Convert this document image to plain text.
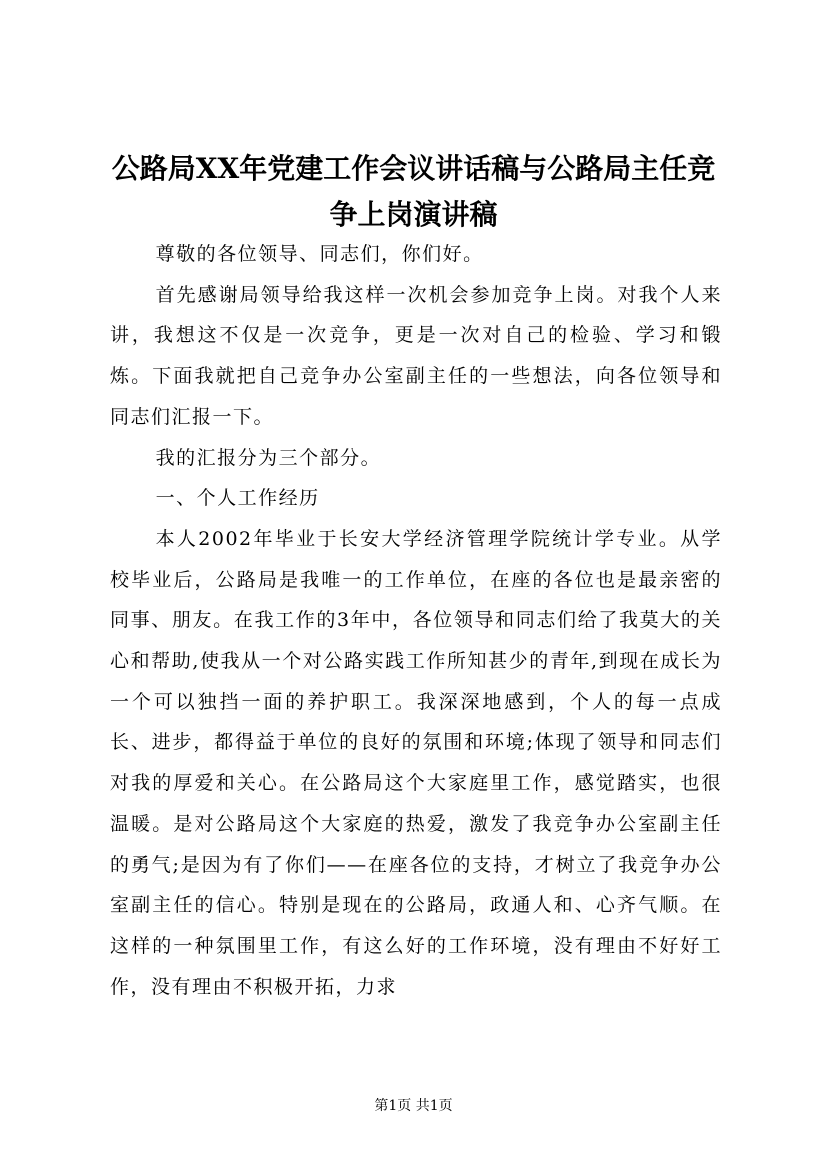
公路局XX年党建工作会议讲话稿与公路局主任竞争上岗演讲稿

尊敬的各位领导、同志们，你们好。

首先感谢局领导给我这样一次机会参加竞争上岗。对我个人来讲，我想这不仅是一次竞争，更是一次对自己的检验、学习和锻炼。下面我就把自己竞争办公室副主任的一些想法，向各位领导和同志们汇报一下。

我的汇报分为三个部分。

一、个人工作经历

本人2002年毕业于长安大学经济管理学院统计学专业。从学校毕业后，公路局是我唯一的工作单位，在座的各位也是最亲密的同事、朋友。在我工作的3年中，各位领导和同志们给了我莫大的关心和帮助,使我从一个对公路实践工作所知甚少的青年,到现在成长为一个可以独挡一面的养护职工。我深深地感到，个人的每一点成长、进步，都得益于单位的良好的氛围和环境;体现了领导和同志们对我的厚爱和关心。在公路局这个大家庭里工作，感觉踏实，也很温暖。是对公路局这个大家庭的热爱，激发了我竞争办公室副主任的勇气;是因为有了你们——在座各位的支持，才树立了我竞争办公室副主任的信心。特别是现在的公路局，政通人和、心齐气顺。在这样的一种氛围里工作，有这么好的工作环境，没有理由不好好工作，没有理由不积极开拓，力求

第1页 共1页
